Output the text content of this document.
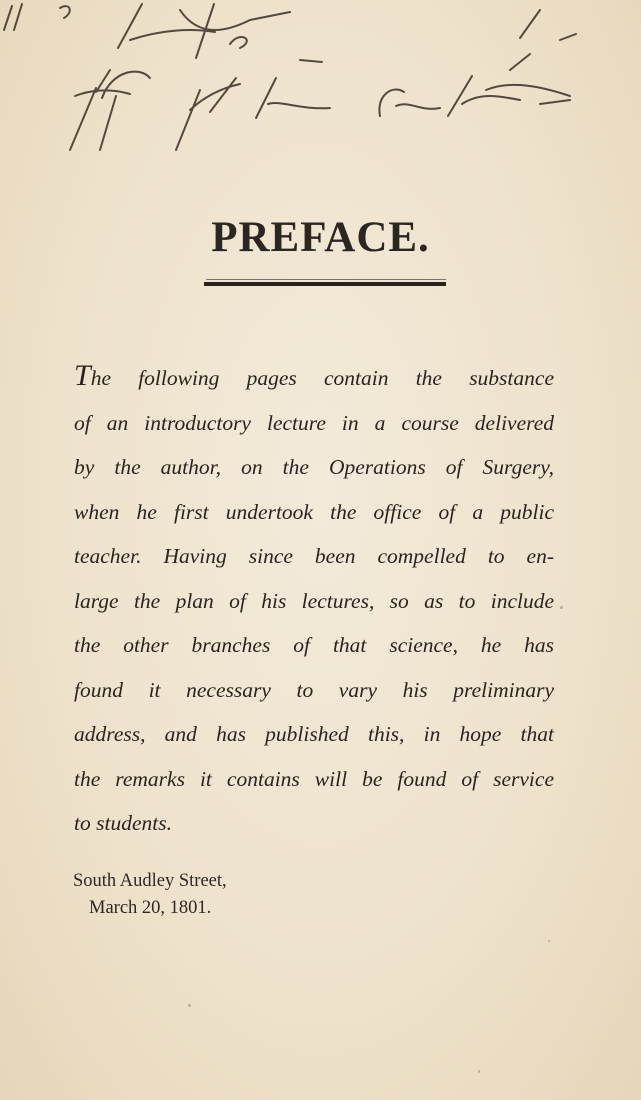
PREFACE.
The following pages contain the substance
of an introductory lecture in a course delivered
by the author, on the Operations of Surgery,
when he first undertook the office of a public
teacher. Having since been compelled to en-
large the plan of his lectures, so as to include
the other branches of that science, he has
found it necessary to vary his preliminary
address, and has published this, in hope that
the remarks it contains will be found of service
to students.
South Audley Street,
March 20, 1801.
